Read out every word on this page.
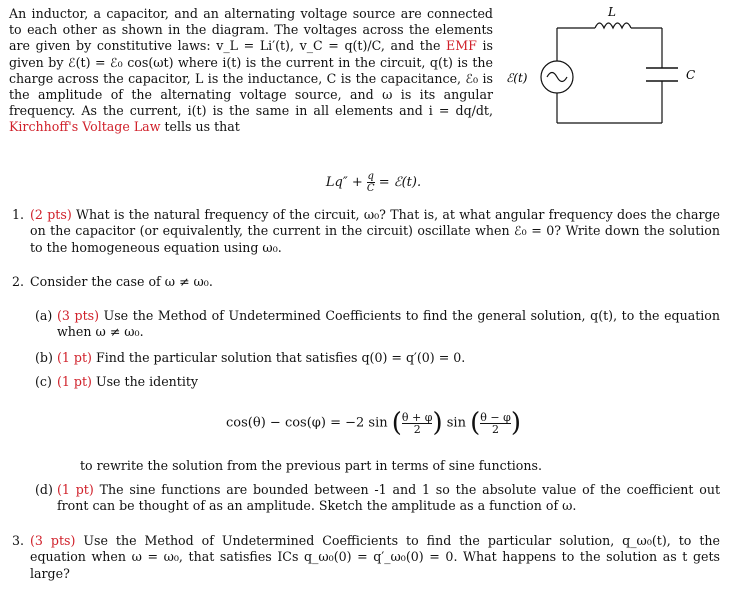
An inductor, a capacitor, and an alternating voltage source are connected to each other as shown in the diagram. The voltages across the elements are given by constitutive laws: v_L = Li′(t), v_C = q(t)/C, and the EMF is given by ℰ(t) = ℰ₀ cos(ωt) where i(t) is the current in the circuit, q(t) is the charge across the capacitor, L is the inductance, C is the capacitance, ℰ₀ is the amplitude of the alternating voltage source, and ω is its angular frequency. As the current, i(t) is the same in all elements and i = dq/dt, Kirchhoff's Voltage Law tells us that
L
ℰ(t)	C
$Lq'' + \frac{q}{C}$ = ℰ(t).
1. (2 pts) What is the natural frequency of the circuit, ω₀? That is, at what angular frequency does the charge on the capacitor (or equivalently, the current in the circuit) oscillate when ℰ₀ = 0? Write down the solution to the homogeneous equation using ω₀.
2. Consider the case of ω ≠ ω₀.
(a) (3 pts) Use the Method of Undetermined Coefficients to find the general solution, q(t), to the equation when ω ≠ ω₀.
(b) (1 pt) Find the particular solution that satisfies q(0) = q′(0) = 0.
(c) (1 pt) Use the identity
cos(θ) − cos(φ) = −2 sin ( $\frac{\theta + \varphi}{2}$ ) sin ( $\frac{\theta - \varphi}{2}$ )
to rewrite the solution from the previous part in terms of sine functions.
(d) (1 pt) The sine functions are bounded between -1 and 1 so the absolute value of the coefficient out front can be thought of as an amplitude. Sketch the amplitude as a function of ω.
3. (3 pts) Use the Method of Undetermined Coefficients to find the particular solution, q_ω₀(t), to the equation when ω = ω₀, that satisfies ICs q_ω₀(0) = q′_ω₀(0) = 0. What happens to the solution as t gets large?
